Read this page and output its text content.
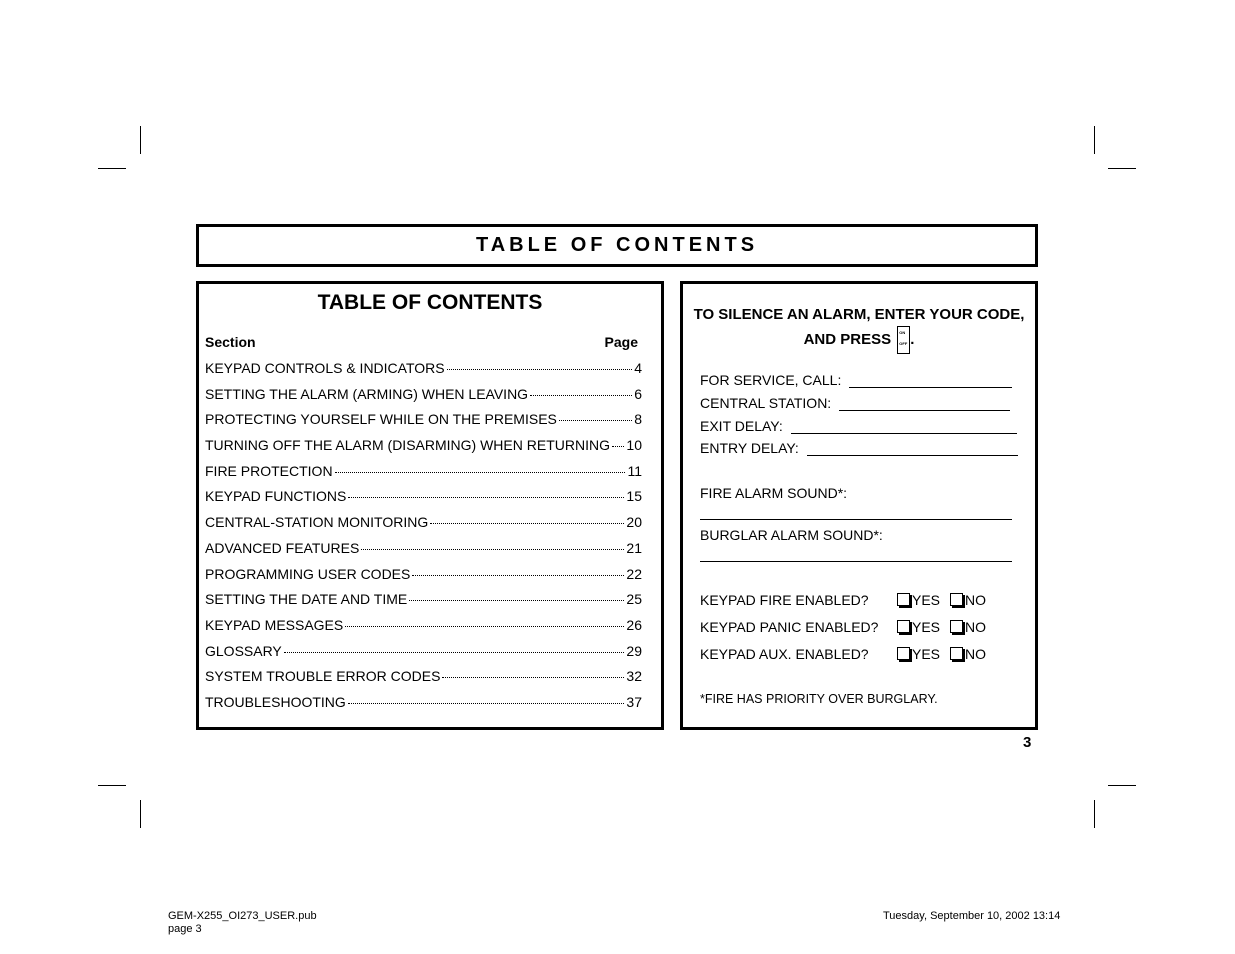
TABLE OF CONTENTS
TABLE OF CONTENTS
Section	Page
KEYPAD CONTROLS & INDICATORS	4
SETTING THE ALARM (ARMING) WHEN LEAVING	6
PROTECTING YOURSELF WHILE ON THE PREMISES	8
TURNING OFF THE ALARM (DISARMING) WHEN RETURNING 10
FIRE PROTECTION	11
KEYPAD FUNCTIONS	15
CENTRAL-STATION MONITORING	20
ADVANCED FEATURES	21
PROGRAMMING USER CODES	22
SETTING THE DATE AND TIME	25
KEYPAD MESSAGES	26
GLOSSARY	29
SYSTEM TROUBLE ERROR CODES	32
TROUBLESHOOTING	37
TO SILENCE AN ALARM, ENTER YOUR CODE,
AND PRESS ON
OFF .
FOR SERVICE, CALL:
CENTRAL STATION:
EXIT DELAY:
ENTRY DELAY:
FIRE ALARM SOUND*:
BURGLAR ALARM SOUND*:
KEYPAD FIRE ENABLED?	YES NO
KEYPAD PANIC ENABLED? YES NO
KEYPAD AUX. ENABLED?	YES NO
*FIRE HAS PRIORITY OVER BURGLARY.
3
GEM-X255_OI273_USER.pub
page 3
Tuesday, September 10, 2002 13:14
